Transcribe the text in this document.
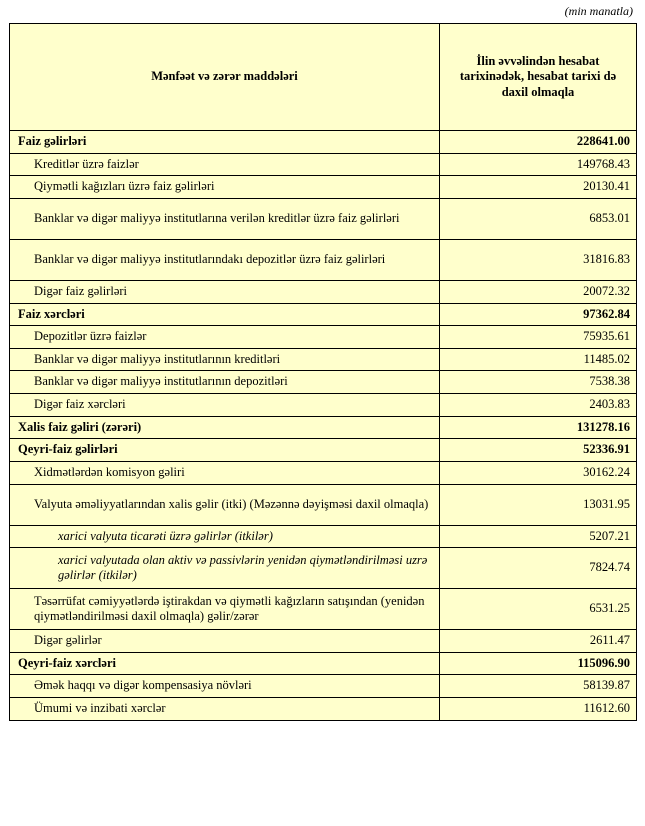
(min manatla)
Mənfəət və zərər maddələri	İlin əvvəlindən hesabat tarixinədək, hesabat tarixi də daxil olmaqla
Faiz gəlirləri	228641.00
Kreditlər üzrə faizlər	149768.43
Qiymətli kağızları üzrə faiz gəlirləri	20130.41
Banklar və digər maliyyə institutlarına verilən kreditlər üzrə faiz gəlirləri	6853.01
Banklar və digər maliyyə institutlarındakı depozitlər üzrə faiz gəlirləri	31816.83
Digər faiz gəlirləri	20072.32
Faiz xərcləri	97362.84
Depozitlər üzrə faizlər	75935.61
Banklar və digər maliyyə institutlarının kreditləri	11485.02
Banklar və digər maliyyə institutlarının depozitləri	7538.38
Digər faiz xərcləri	2403.83
Xalis faiz gəliri (zərəri)	131278.16
Qeyri-faiz gəlirləri	52336.91
Xidmətlərdən komisyon gəliri	30162.24
Valyuta əməliyyatlarından xalis gəlir (itki) (Məzənnə dəyişməsi daxil olmaqla)	13031.95
xarici valyuta ticarəti üzrə gəlirlər (itkilər)	5207.21
xarici valyutada olan aktiv və passivlərin yenidən qiymətləndirilməsi uzrə gəlirlər (itkilər)	7824.74
Təsərrüfat cəmiyyətlərdə iştirakdan və qiymətli kağızların satışından (yenidən qiymətləndirilməsi daxil olmaqla) gəlir/zərər	6531.25
Digər gəlirlər	2611.47
Qeyri-faiz xərcləri	115096.90
Əmək haqqı və digər kompensasiya növləri	58139.87
Ümumi və inzibati xərclər	11612.60
